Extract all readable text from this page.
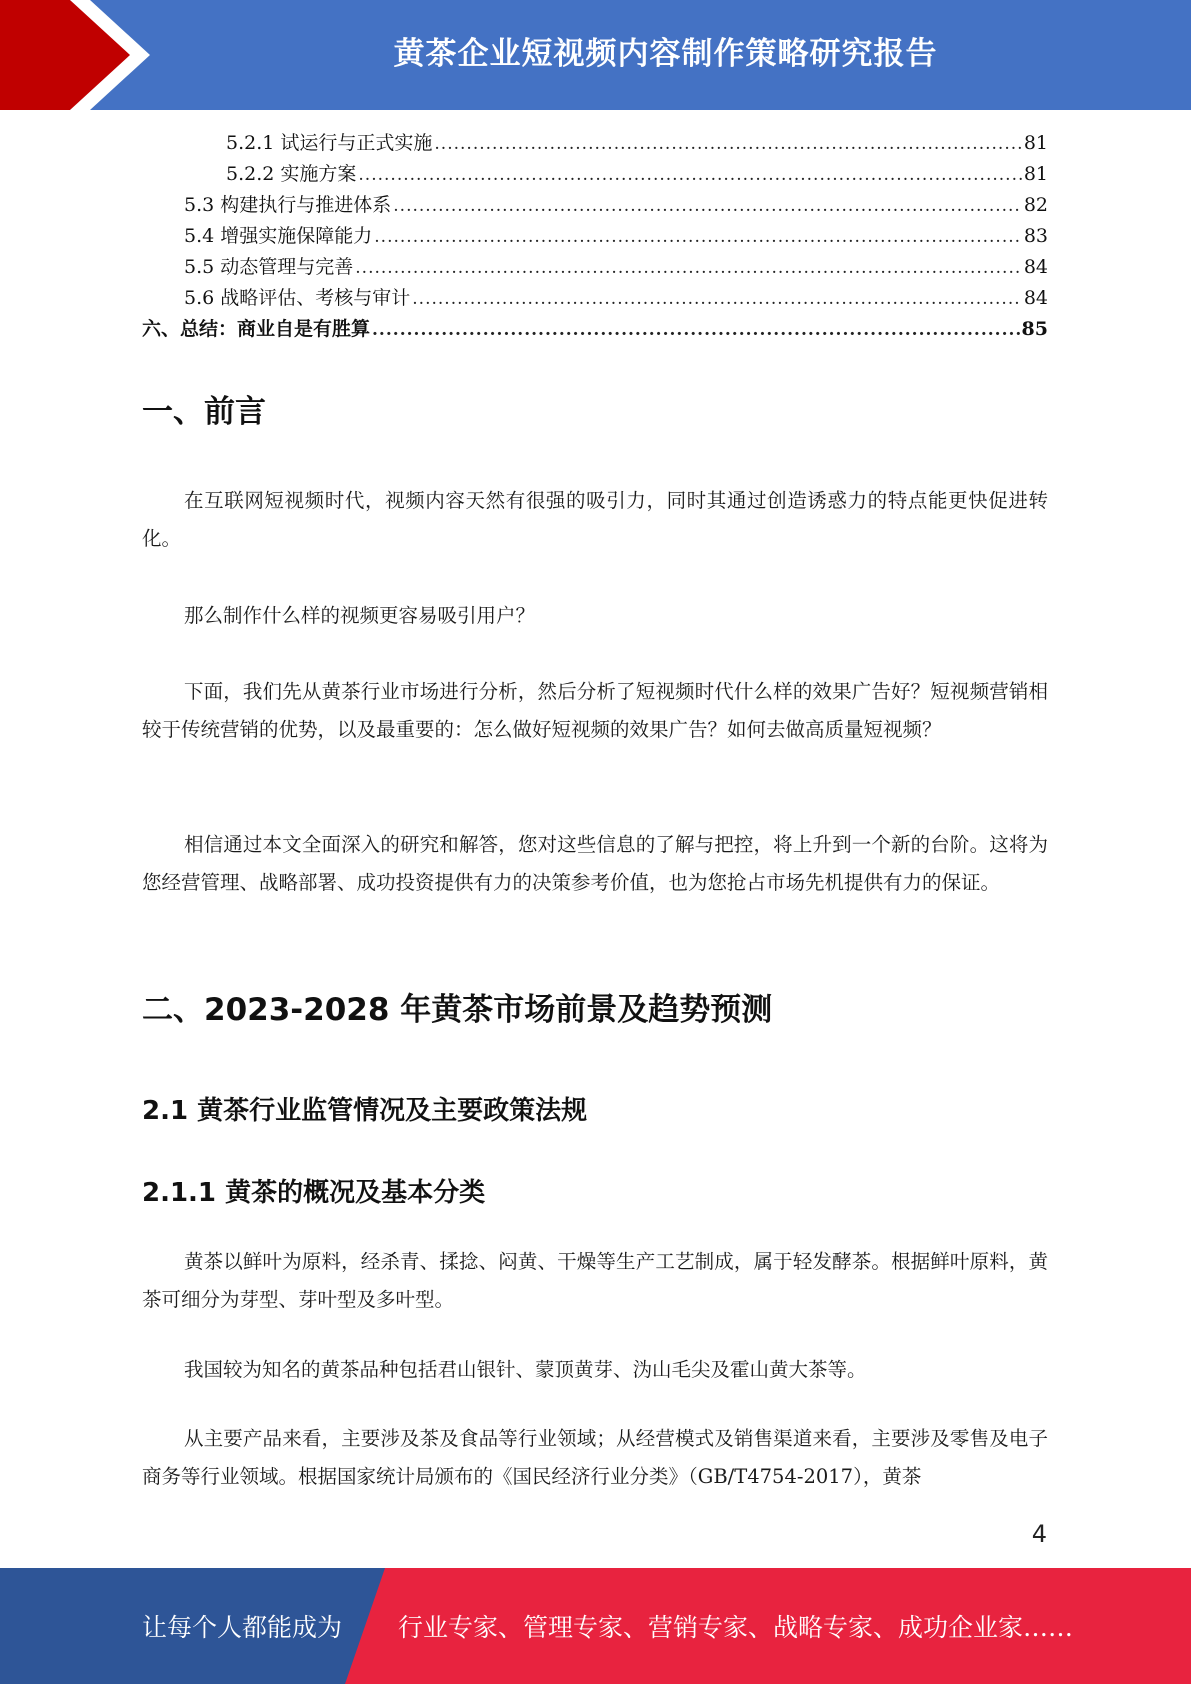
黄茶企业短视频内容制作策略研究报告
5.2.1 试运行与正式实施 .....	81
5.2.2 实施方案 .....	81
5.3 构建执行与推进体系 .....	82
5.4 增强实施保障能力 .....	83
5.5 动态管理与完善 .....	84
5.6 战略评估、考核与审计 .....	84
六、总结：商业自是有胜算 .....	85
一、前言
在互联网短视频时代，视频内容天然有很强的吸引力，同时其通过创造诱惑力的特点能更快促进转化。
那么制作什么样的视频更容易吸引用户？
下面，我们先从黄茶行业市场进行分析，然后分析了短视频时代什么样的效果广告好？短视频营销相较于传统营销的优势，以及最重要的：怎么做好短视频的效果广告？如何去做高质量短视频？
相信通过本文全面深入的研究和解答，您对这些信息的了解与把控，将上升到一个新的台阶。这将为您经营管理、战略部署、成功投资提供有力的决策参考价值，也为您抢占市场先机提供有力的保证。
二、2023-2028 年黄茶市场前景及趋势预测
2.1 黄茶行业监管情况及主要政策法规
2.1.1 黄茶的概况及基本分类
黄茶以鲜叶为原料，经杀青、揉捻、闷黄、干燥等生产工艺制成，属于轻发酵茶。根据鲜叶原料，黄茶可细分为芽型、芽叶型及多叶型。
我国较为知名的黄茶品种包括君山银针、蒙顶黄芽、沩山毛尖及霍山黄大茶等。
从主要产品来看，主要涉及茶及食品等行业领域；从经营模式及销售渠道来看，主要涉及零售及电子商务等行业领域。根据国家统计局颁布的《国民经济行业分类》（GB/T4754-2017），黄茶
4
让每个人都能成为 行业专家、管理专家、营销专家、战略专家、成功企业家……
